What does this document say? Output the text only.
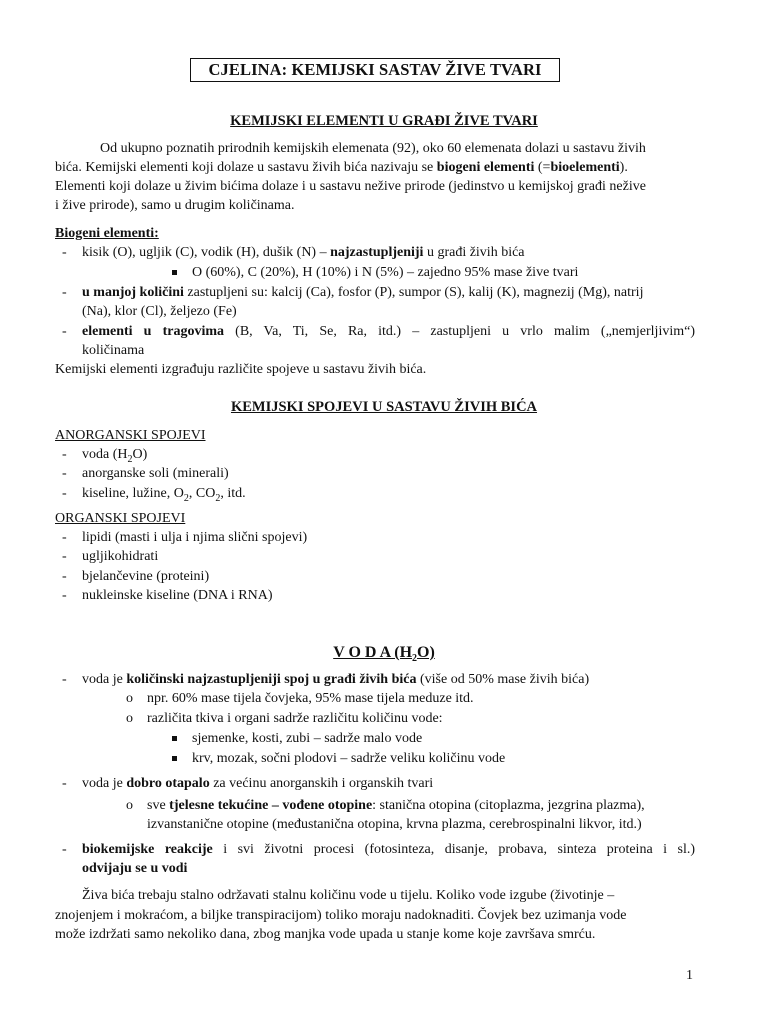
CJELINA: KEMIJSKI SASTAV ŽIVE TVARI
KEMIJSKI ELEMENTI U GRAĐI ŽIVE TVARI
Od ukupno poznatih prirodnih kemijskih elemenata (92), oko 60 elemenata dolazi u sastavu živih
bića. Kemijski elementi koji dolaze u sastavu živih bića nazivaju se biogeni elementi (=bioelementi).
Elementi koji dolaze u živim bićima dolaze i u sastavu nežive prirode (jedinstvo u kemijskoj građi nežive
i žive prirode), samo u drugim količinama.
Biogeni elementi:
- kisik (O), ugljik (C), vodik (H), dušik (N) – najzastupljeniji u građi živih bića
O (60%), C (20%), H (10%) i N (5%) – zajedno 95% mase žive tvari
- u manjoj količini zastupljeni su: kalcij (Ca), fosfor (P), sumpor (S), kalij (K), magnezij (Mg), natrij
(Na), klor (Cl), željezo (Fe)
- elementi u tragovima (B, Va, Ti, Se, Ra, itd.) – zastupljeni u vrlo malim („nemjerljivim“)
količinama
Kemijski elementi izgrađuju različite spojeve u sastavu živih bića.
KEMIJSKI SPOJEVI U SASTAVU ŽIVIH BIĆA
ANORGANSKI SPOJEVI
- voda $(H_2O)$
- anorganske soli (minerali)
- kiseline, lužine, $O_2$, $CO_2$, itd.
ORGANSKI SPOJEVI
- lipidi (masti i ulja i njima slični spojevi)
- ugljikohidrati
- bjelančevine (proteini)
- nukleinske kiseline (DNA i RNA)
V O D A $(H_2O)$
- voda je količinski najzastupljeniji spoj u građi živih bića (više od 50% mase živih bića)
o npr. 60% mase tijela čovjeka, 95% mase tijela meduze itd.
o različita tkiva i organi sadrže različitu količinu vode:
sjemenke, kosti, zubi – sadrže malo vode
krv, mozak, sočni plodovi – sadrže veliku količinu vode
- voda je dobro otapalo za većinu anorganskih i organskih tvari
o sve tjelesne tekućine – vođene otopine: stanična otopina (citoplazma, jezgrina plazma),
izvanstanične otopine (međustanična otopina, krvna plazma, cerebrospinalni likvor, itd.)
- biokemijske reakcije i svi životni procesi (fotosinteza, disanje, probava, sinteza proteina i sl.)
odvijaju se u vodi
Živa bića trebaju stalno održavati stalnu količinu vode u tijelu. Koliko vode izgube (životinje –
znojenjem i mokraćom, a biljke transpiracijom) toliko moraju nadoknaditi. Čovjek bez uzimanja vode
može izdržati samo nekoliko dana, zbog manjka vode upada u stanje kome koje završava smrću.
1
